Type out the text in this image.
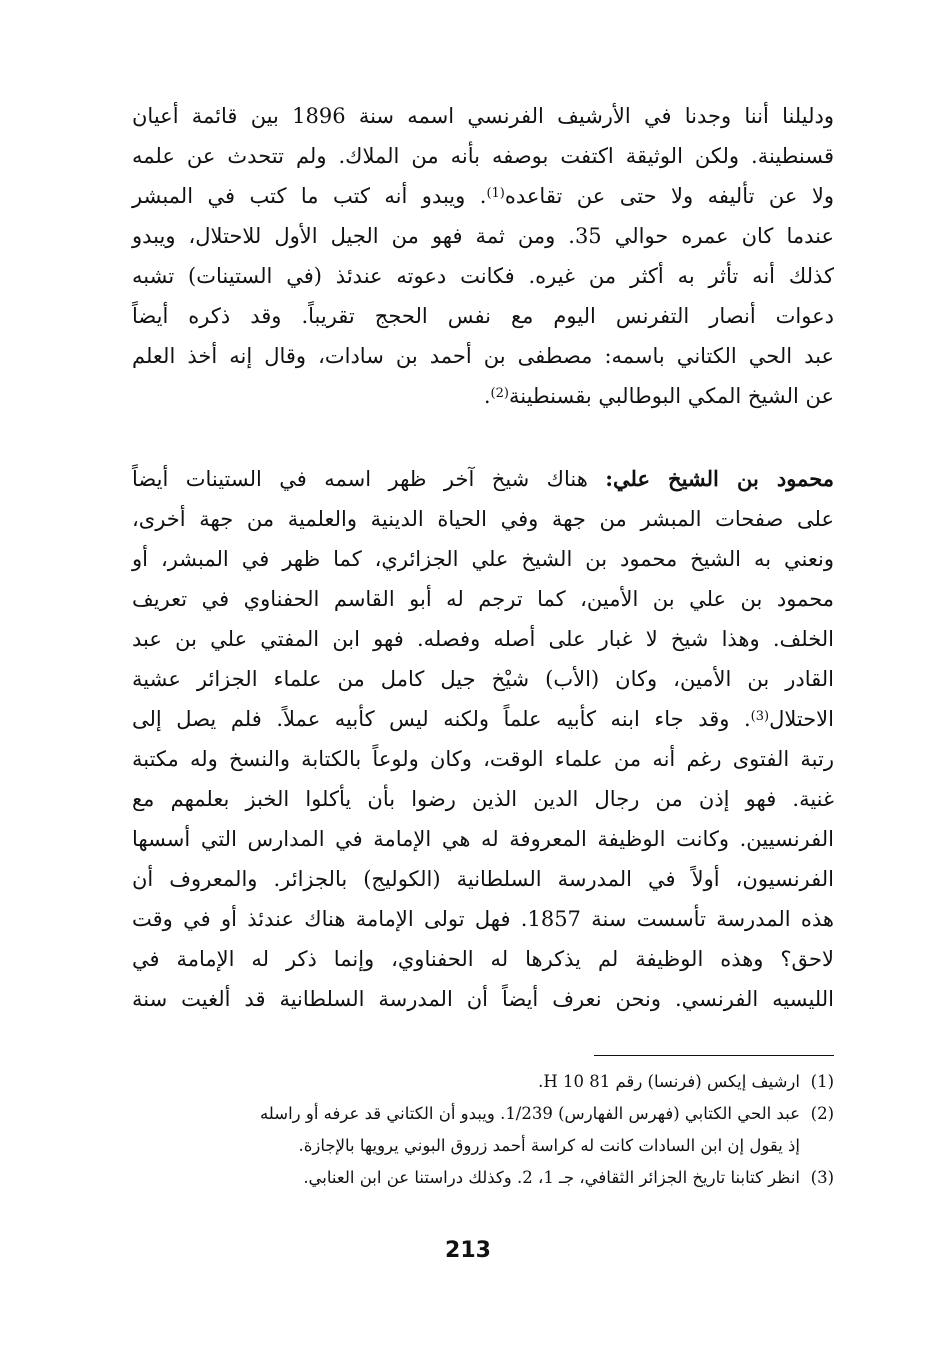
ودليلنا أننا وجدنا في الأرشيف الفرنسي اسمه سنة 1896 بين قائمة أعيان
قسنطينة. ولكن الوثيقة اكتفت بوصفه بأنه من الملاك. ولم تتحدث عن علمه
ولا عن تأليفه ولا حتى عن تقاعده$^{(1)}$. ويبدو أنه كتب ما كتب في المبشر
عندما كان عمره حوالي 35. ومن ثمة فهو من الجيل الأول للاحتلال، ويبدو
كذلك أنه تأثر به أكثر من غيره. فكانت دعوته عندئذ (في الستينات) تشبه
دعوات أنصار التفرنس اليوم مع نفس الحجج تقريباً. وقد ذكره أيضاً
عبد الحي الكتاني باسمه: مصطفى بن أحمد بن سادات، وقال إنه أخذ العلم
عن الشيخ المكي البوطالبي بقسنطينة$^{(2)}$.
محمود بن الشيخ علي: هناك شيخ آخر ظهر اسمه في الستينات أيضاً
على صفحات المبشر من جهة وفي الحياة الدينية والعلمية من جهة أخرى،
ونعني به الشيخ محمود بن الشيخ علي الجزائري، كما ظهر في المبشر، أو
محمود بن علي بن الأمين، كما ترجم له أبو القاسم الحفناوي في تعريف
الخلف. وهذا شيخ لا غبار على أصله وفصله. فهو ابن المفتي علي بن عبد
القادر بن الأمين، وكان (الأب) شيْخ جيل كامل من علماء الجزائر عشية
الاحتلال$^{(3)}$. وقد جاء ابنه كأبيه علماً ولكنه ليس كأبيه عملاً. فلم يصل إلى
رتبة الفتوى رغم أنه من علماء الوقت، وكان ولوعاً بالكتابة والنسخ وله مكتبة
غنية. فهو إذن من رجال الدين الذين رضوا بأن يأكلوا الخبز بعلمهم مع
الفرنسيين. وكانت الوظيفة المعروفة له هي الإمامة في المدارس التي أسسها
الفرنسيون، أولاً في المدرسة السلطانية (الكوليج) بالجزائر. والمعروف أن
هذه المدرسة تأسست سنة 1857. فهل تولى الإمامة هناك عندئذ أو في وقت
لاحق؟ وهذه الوظيفة لم يذكرها له الحفناوي، وإنما ذكر له الإمامة في
الليسيه الفرنسي. ونحن نعرف أيضاً أن المدرسة السلطانية قد ألغيت سنة
(1)
ارشيف إيكس (فرنسا) رقم 81 H 10.
(2)
عبد الحي الكتابي (فهرس الفهارس) 1/239. ويبدو أن الكتاني قد عرفه أو راسله
إذ يقول إن ابن السادات كانت له كراسة أحمد زروق البوني يرويها بالإجازة.
(3)
انظر كتابنا تاريخ الجزائر الثقافي، جـ 1، 2. وكذلك دراستنا عن ابن العنابي.
213
